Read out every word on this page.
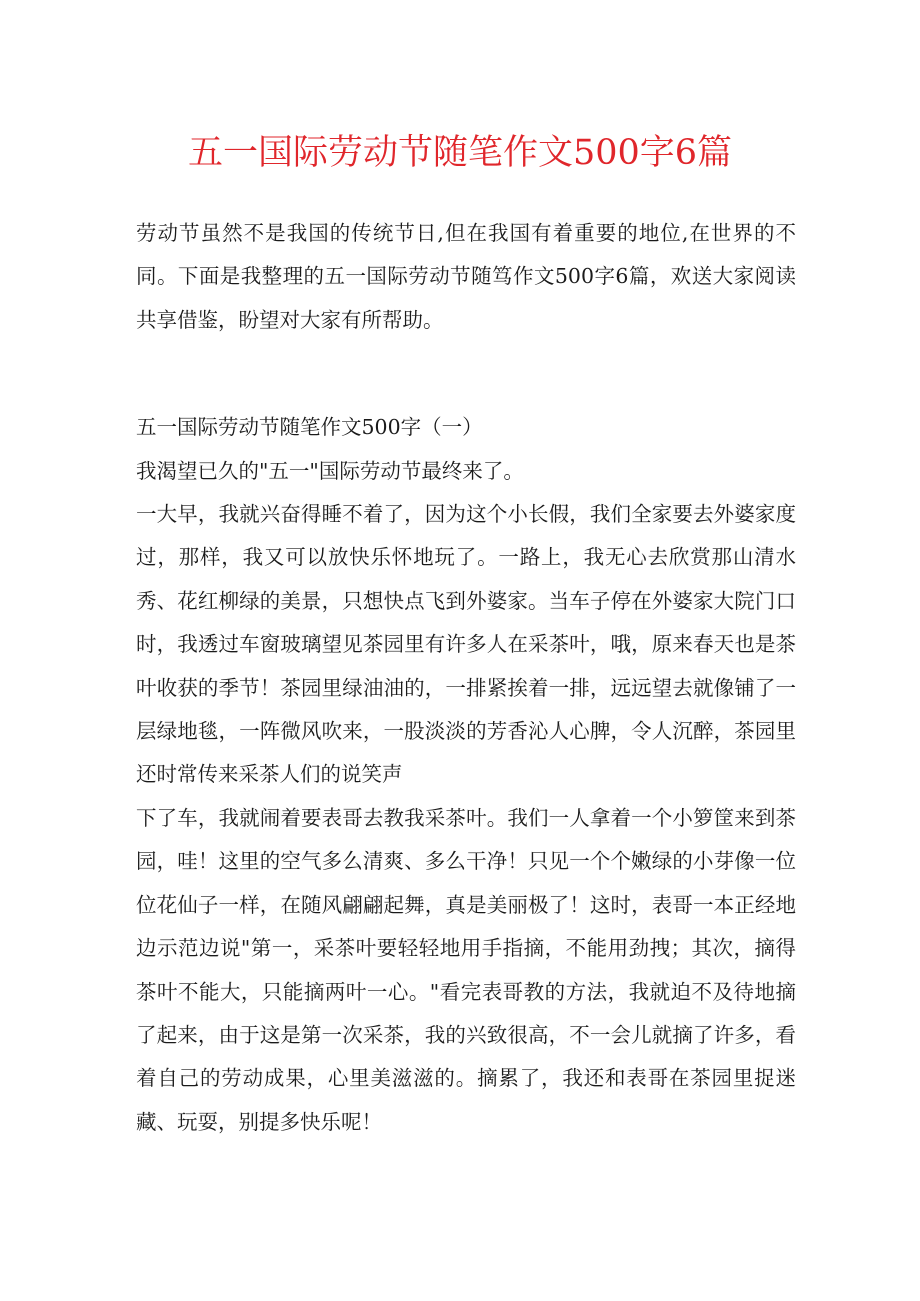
五一国际劳动节随笔作文500字6篇

劳动节虽然不是我国的传统节日,但在我国有着重要的地位,在世界的不同。下面是我整理的五一国际劳动节随笃作文500字6篇，欢送大家阅读共享借鉴，盼望对大家有所帮助。

五一国际劳动节随笔作文500字（一）

我渴望已久的"五一"国际劳动节最终来了。

一大早，我就兴奋得睡不着了，因为这个小长假，我们全家要去外婆家度过，那样，我又可以放快乐怀地玩了。一路上，我无心去欣赏那山清水秀、花红柳绿的美景，只想快点飞到外婆家。当车子停在外婆家大院门口时，我透过车窗玻璃望见茶园里有许多人在采茶叶，哦，原来春天也是茶叶收获的季节！茶园里绿油油的，一排紧挨着一排，远远望去就像铺了一层绿地毯，一阵微风吹来，一股淡淡的芳香沁人心脾，令人沉醉，茶园里还时常传来采茶人们的说笑声

下了车，我就闹着要表哥去教我采茶叶。我们一人拿着一个小箩筐来到茶园，哇！这里的空气多么清爽、多么干净！只见一个个嫩绿的小芽像一位位花仙子一样，在随风翩翩起舞，真是美丽极了！这时，表哥一本正经地边示范边说"第一，采茶叶要轻轻地用手指摘，不能用劲拽；其次，摘得茶叶不能大，只能摘两叶一心。"看完表哥教的方法，我就迫不及待地摘了起来，由于这是第一次采茶，我的兴致很高，不一会儿就摘了许多，看着自己的劳动成果，心里美滋滋的。摘累了，我还和表哥在茶园里捉迷藏、玩耍，别提多快乐呢！
